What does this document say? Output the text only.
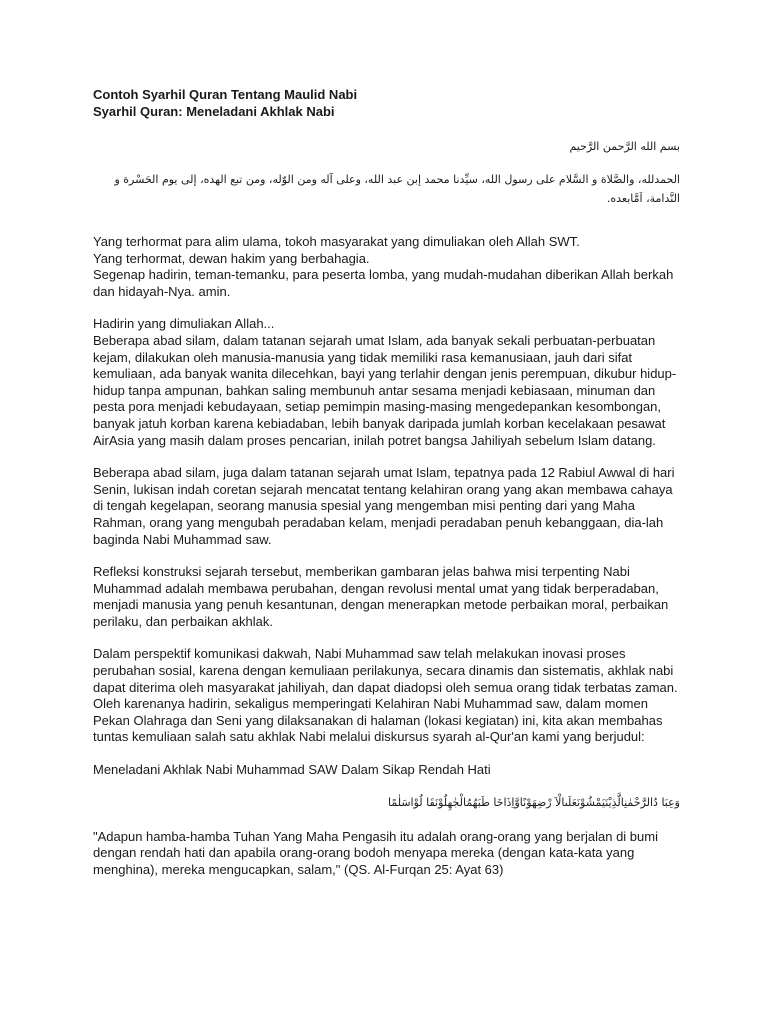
Contoh Syarhil Quran Tentang Maulid Nabi

Syarhil Quran: Meneladani Akhlak Nabi

بسم الله الرَّحمن الرَّحيم

الحمدلله، والصَّلاة و السَّلام على رسول الله، سيِّدنا محمد إبن عبد الله، وعلى آله ومن الوّله، ومن تبع الهده، إلى يوم الحَسْرة و النَّدامة، اَمَّابعده.

Yang terhormat para alim ulama, tokoh masyarakat yang dimuliakan oleh Allah SWT.
Yang terhormat, dewan hakim yang berbahagia.
Segenap hadirin, teman-temanku, para peserta lomba, yang mudah-mudahan diberikan Allah berkah dan hidayah-Nya. amin.
Hadirin yang dimuliakan Allah...
Beberapa abad silam, dalam tatanan sejarah umat Islam, ada banyak sekali perbuatan-perbuatan kejam, dilakukan oleh manusia-manusia yang tidak memiliki rasa kemanusiaan, jauh dari sifat kemuliaan, ada banyak wanita dilecehkan, bayi yang terlahir dengan jenis perempuan, dikubur hidup-hidup tanpa ampunan, bahkan saling membunuh antar sesama menjadi kebiasaan, minuman dan pesta pora menjadi kebudayaan, setiap pemimpin masing-masing mengedepankan kesombongan, banyak jatuh korban karena kebiadaban, lebih banyak daripada jumlah korban kecelakaan pesawat AirAsia yang masih dalam proses pencarian, inilah potret bangsa Jahiliyah sebelum Islam datang.

Beberapa abad silam, juga dalam tatanan sejarah umat Islam, tepatnya pada 12 Rabiul Awwal di hari Senin, lukisan indah coretan sejarah mencatat tentang kelahiran orang yang akan membawa cahaya di tengah kegelapan, seorang manusia spesial yang mengemban misi penting dari yang Maha Rahman, orang yang mengubah peradaban kelam, menjadi peradaban penuh kebanggaan, dia-lah baginda Nabi Muhammad saw.

Refleksi konstruksi sejarah tersebut, memberikan gambaran jelas bahwa misi terpenting Nabi Muhammad adalah membawa perubahan, dengan revolusi mental umat yang tidak berperadaban, menjadi manusia yang penuh kesantunan, dengan menerapkan metode perbaikan moral, perbaikan perilaku, dan perbaikan akhlak.

Dalam perspektif komunikasi dakwah, Nabi Muhammad saw telah melakukan inovasi proses perubahan sosial, karena dengan kemuliaan perilakunya, secara dinamis dan sistematis, akhlak nabi dapat diterima oleh masyarakat jahiliyah, dan dapat diadopsi oleh semua orang tidak terbatas zaman. Oleh karenanya hadirin, sekaligus memperingati Kelahiran Nabi Muhammad saw, dalam momen Pekan Olahraga dan Seni yang dilaksanakan di halaman (lokasi kegiatan) ini, kita akan membahas tuntas kemuliaan salah satu akhlak Nabi melalui diskursus syarah al-Qur'an kami yang berjudul:

Meneladani Akhlak Nabi Muhammad SAW Dalam Sikap Rendah Hati

وَعِبَا دُالرَّحْمٰنِالَّذِيْنَيَمْشُوْنَعَلَىالْاَ رْضِهَوْنًاوَّاِذَاخَا طَبَهُمُالْجٰهِلُوْنَقَا لُوْاسَلٰمًا

"Adapun hamba-hamba Tuhan Yang Maha Pengasih itu adalah orang-orang yang berjalan di bumi dengan rendah hati dan apabila orang-orang bodoh menyapa mereka (dengan kata-kata yang menghina), mereka mengucapkan, salam," (QS. Al-Furqan 25: Ayat 63)
